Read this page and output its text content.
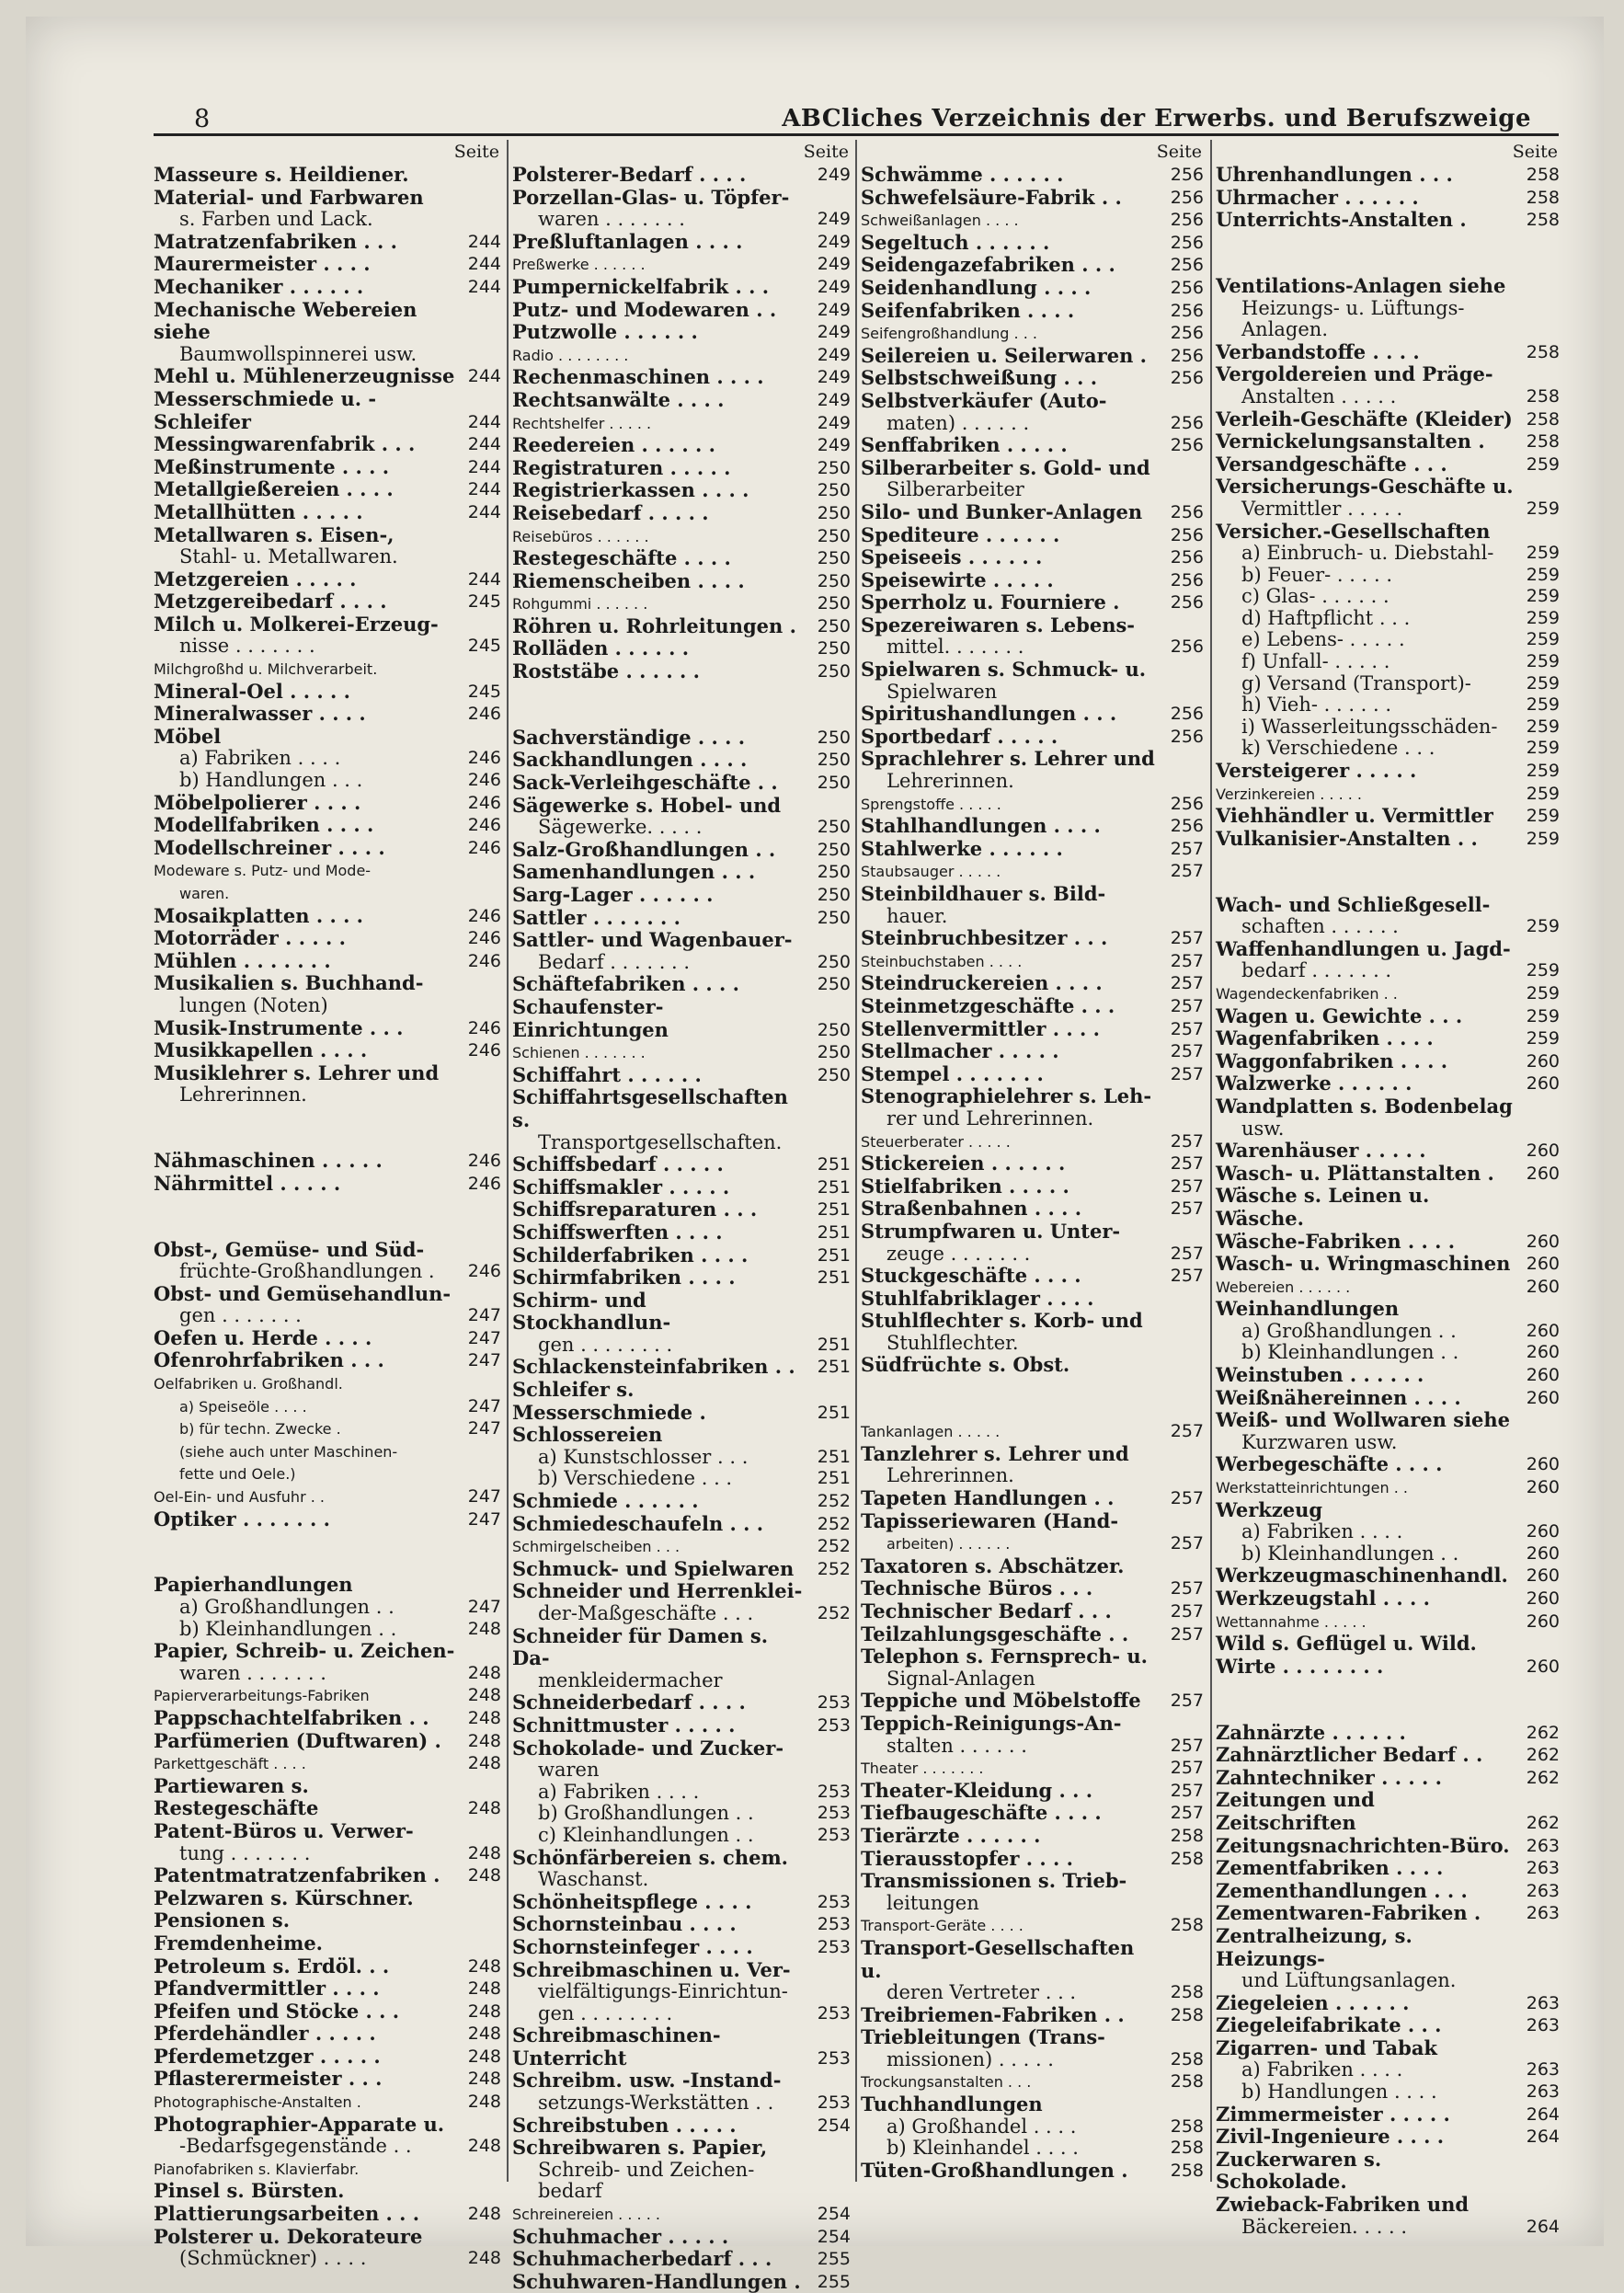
8	ABCliches Verzeichnis der Erwerbs. und Berufszweige
Seite
Masseure s. Heildiener.
Material- und Farbwaren
s. Farben und Lack.
Matratzenfabriken . . .	244
Maurermeister . . . .	244
Mechaniker . . . . . .	244
Mechanische Webereien siehe
Baumwollspinnerei usw.
Mehl u. Mühlenerzeugnisse 244
Messerschmiede u. -Schleifer	244
Messingwarenfabrik . . .	244
Meßinstrumente . . . .	244
Metallgießereien . . . .	244
Metallhütten . . . . .	244
Metallwaren s. Eisen-,
Stahl- u. Metallwaren.
Metzgereien . . . . .	244
Metzgereibedarf . . . .	245
Milch u. Molkerei-Erzeug-
nisse . . . . . . .	245
Milchgroßhd u. Milchverarbeit.
Mineral-Oel . . . . .	245
Mineralwasser . . . .	246
Möbel
a) Fabriken . . . .	246
b) Handlungen . . .	246
Möbelpolierer . . . .	246
Modellfabriken . . . .	246
Modellschreiner . . . .	246
Modeware s. Putz- und Mode-
waren.
Mosaikplatten . . . .	246
Motorräder . . . . .	246
Mühlen . . . . . . .	246
Musikalien s. Buchhand-
lungen (Noten)
Musik-Instrumente . . .	246
Musikkapellen . . . .	246
Musiklehrer s. Lehrer und
Lehrerinnen.
Nähmaschinen . . . . .	246
Nährmittel . . . . .	246
Obst-, Gemüse- und Süd-
früchte-Großhandlungen .	246
Obst- und Gemüsehandlun-
gen . . . . . . .	247
Oefen u. Herde . . . .	247
Ofenrohrfabriken . . .	247
Oelfabriken u. Großhandl.
a) Speiseöle . . . .	247
b) für techn. Zwecke .	247
(siehe auch unter Maschinen-
fette und Oele.)
Oel-Ein- und Ausfuhr . .	247
Optiker . . . . . . .	247
Papierhandlungen
a) Großhandlungen . .	247
b) Kleinhandlungen . .	248
Papier, Schreib- u. Zeichen-
waren . . . . . . .	248
Papierverarbeitungs-Fabriken	248
Pappschachtelfabriken . .	248
Parfümerien (Duftwaren) .	248
Parkettgeschäft . . . .	248
Partiewaren s. Restegeschäfte	248
Patent-Büros u. Verwer-
tung . . . . . . .	248
Patentmatratzenfabriken .	248
Pelzwaren s. Kürschner.
Pensionen s. Fremdenheime.
Petroleum s. Erdöl. . .	248
Pfandvermittler . . . .	248
Pfeifen und Stöcke . . .	248
Pferdehändler . . . . .	248
Pferdemetzger . . . . .	248
Pflasterermeister . . .	248
Photographische-Anstalten .	248
Photographier-Apparate u.
-Bedarfsgegenstände . .	248
Pianofabriken s. Klavierfabr.
Pinsel s. Bürsten.
Plattierungsarbeiten . . .	248
Polsterer u. Dekorateure
(Schmückner) . . . .	248
Seite
Polsterer-Bedarf . . . .	249
Porzellan-Glas- u. Töpfer-
waren . . . . . . .	249
Preßluftanlagen . . . .	249
Preßwerke . . . . . .	249
Pumpernickelfabrik . . .	249
Putz- und Modewaren . .	249
Putzwolle . . . . . .	249
Radio . . . . . . . .	249
Rechenmaschinen . . . .	249
Rechtsanwälte . . . .	249
Rechtshelfer . . . . .	249
Reedereien . . . . . .	249
Registraturen . . . . .	250
Registrierkassen . . . .	250
Reisebedarf . . . . .	250
Reisebüros . . . . . .	250
Restegeschäfte . . . .	250
Riemenscheiben . . . .	250
Rohgummi . . . . . .	250
Röhren u. Rohrleitungen .	250
Rolläden . . . . . .	250
Roststäbe . . . . . .	250
Sachverständige . . . .	250
Sackhandlungen . . . .	250
Sack-Verleihgeschäfte . .	250
Sägewerke s. Hobel- und
Sägewerke. . . . .	250
Salz-Großhandlungen . .	250
Samenhandlungen . . .	250
Sarg-Lager . . . . . .	250
Sattler . . . . . . .	250
Sattler- und Wagenbauer-
Bedarf . . . . . . .	250
Schäftefabriken . . . .	250
Schaufenster-Einrichtungen	250
Schienen . . . . . . .	250
Schiffahrt . . . . . .	250
Schiffahrtsgesellschaften s.
Transportgesellschaften.
Schiffsbedarf . . . . .	251
Schiffsmakler . . . . .	251
Schiffsreparaturen . . .	251
Schiffswerften . . . .	251
Schilderfabriken . . . .	251
Schirmfabriken . . . .	251
Schirm- und Stockhandlun-
gen . . . . . . . .	251
Schlackensteinfabriken . .	251
Schleifer s. Messerschmiede .	251
Schlossereien
a) Kunstschlosser . . .	251
b) Verschiedene . . .	251
Schmiede . . . . . .	252
Schmiedeschaufeln . . .	252
Schmirgelscheiben . . .	252
Schmuck- und Spielwaren	252
Schneider und Herrenklei-
der-Maßgeschäfte . . .	252
Schneider für Damen s. Da-
menkleidermacher
Schneiderbedarf . . . .	253
Schnittmuster . . . . .	253
Schokolade- und Zucker-
waren
a) Fabriken . . . .	253
b) Großhandlungen . .	253
c) Kleinhandlungen . .	253
Schönfärbereien s. chem.
Waschanst.
Schönheitspflege . . . .	253
Schornsteinbau . . . .	253
Schornsteinfeger . . . .	253
Schreibmaschinen u. Ver-
vielfältigungs-Einrichtun-
gen . . . . . . . .	253
Schreibmaschinen-Unterricht	253
Schreibm. usw. -Instand-
setzungs-Werkstätten . .	253
Schreibstuben . . . . .	254
Schreibwaren s. Papier,
Schreib- und Zeichen-
bedarf
Schreinereien . . . . .	254
Schuhmacher . . . . .	254
Schuhmacherbedarf . . .	255
Schuhwaren-Handlungen . 255
Seite
Schwämme . . . . . .	256
Schwefelsäure-Fabrik . .	256
Schweißanlagen . . . .	256
Segeltuch . . . . . .	256
Seidengazefabriken . . .	256
Seidenhandlung . . . .	256
Seifenfabriken . . . .	256
Seifengroßhandlung . . .	256
Seilereien u. Seilerwaren .	256
Selbstschweißung . . .	256
Selbstverkäufer (Auto-
maten) . . . . . .	256
Senffabriken . . . . .	256
Silberarbeiter s. Gold- und
Silberarbeiter
Silo- und Bunker-Anlagen	256
Spediteure . . . . . .	256
Speiseeis . . . . . .	256
Speisewirte . . . . .	256
Sperrholz u. Fourniere .	256
Spezereiwaren s. Lebens-
mittel. . . . . . .	256
Spielwaren s. Schmuck- u.
Spielwaren
Spiritushandlungen . . .	256
Sportbedarf . . . . .	256
Sprachlehrer s. Lehrer und
Lehrerinnen.
Sprengstoffe . . . . .	256
Stahlhandlungen . . . .	256
Stahlwerke . . . . . .	257
Staubsauger . . . . .	257
Steinbildhauer s. Bild-
hauer.
Steinbruchbesitzer . . .	257
Steinbuchstaben . . . .	257
Steindruckereien . . . .	257
Steinmetzgeschäfte . . .	257
Stellenvermittler . . . .	257
Stellmacher . . . . .	257
Stempel . . . . . . .	257
Stenographielehrer s. Leh-
rer und Lehrerinnen.
Steuerberater . . . . .	257
Stickereien . . . . . .	257
Stielfabriken . . . . .	257
Straßenbahnen . . . .	257
Strumpfwaren u. Unter-
zeuge . . . . . . .	257
Stuckgeschäfte . . . .	257
Stuhlfabriklager . . . .
Stuhlflechter s. Korb- und
Stuhlflechter.
Südfrüchte s. Obst.
Tankanlagen . . . . .	257
Tanzlehrer s. Lehrer und
Lehrerinnen.
Tapeten Handlungen . .	257
Tapisseriewaren (Hand-
arbeiten) . . . . . .	257
Taxatoren s. Abschätzer.
Technische Büros . . .	257
Technischer Bedarf . . .	257
Teilzahlungsgeschäfte . .	257
Telephon s. Fernsprech- u.
Signal-Anlagen
Teppiche und Möbelstoffe	257
Teppich-Reinigungs-An-
stalten . . . . . .	257
Theater . . . . . . .	257
Theater-Kleidung . . .	257
Tiefbaugeschäfte . . . .	257
Tierärzte . . . . . .	258
Tierausstopfer . . . .	258
Transmissionen s. Trieb-
leitungen
Transport-Geräte . . . .	258
Transport-Gesellschaften u.
deren Vertreter . . .	258
Treibriemen-Fabriken . .	258
Triebleitungen (Trans-
missionen) . . . . .	258
Trockungsanstalten . . .	258
Tuchhandlungen
a) Großhandel . . . .	258
b) Kleinhandel . . . .	258
Tüten-Großhandlungen .	258
Seite
Uhrenhandlungen . . .	258
Uhrmacher . . . . . .	258
Unterrichts-Anstalten .	258
Ventilations-Anlagen siehe
Heizungs- u. Lüftungs-
Anlagen.
Verbandstoffe . . . .	258
Vergoldereien und Präge-
Anstalten . . . . .	258
Verleih-Geschäfte (Kleider) 258
Vernickelungsanstalten .	258
Versandgeschäfte . . .	259
Versicherungs-Geschäfte u.
Vermittler . . . . .	259
Versicher.-Gesellschaften
a) Einbruch- u. Diebstahl-	259
b) Feuer- . . . . .	259
c) Glas- . . . . . .	259
d) Haftpflicht . . .	259
e) Lebens- . . . . .	259
f) Unfall- . . . . .	259
g) Versand (Transport)-	259
h) Vieh- . . . . . .	259
i) Wasserleitungsschäden-	259
k) Verschiedene . . .	259
Versteigerer . . . . .	259
Verzinkereien . . . . .	259
Viehhändler u. Vermittler	259
Vulkanisier-Anstalten . .	259
Wach- und Schließgesell-
schaften . . . . . .	259
Waffenhandlungen u. Jagd-
bedarf . . . . . . .	259
Wagendeckenfabriken . .	259
Wagen u. Gewichte . . .	259
Wagenfabriken . . . .	259
Waggonfabriken . . . .	260
Walzwerke . . . . . .	260
Wandplatten s. Bodenbelag
usw.
Warenhäuser . . . . .	260
Wasch- u. Plättanstalten .	260
Wäsche s. Leinen u. Wäsche.
Wäsche-Fabriken . . . .	260
Wasch- u. Wringmaschinen 260
Webereien . . . . . .	260
Weinhandlungen
a) Großhandlungen . .	260
b) Kleinhandlungen . .	260
Weinstuben . . . . . .	260
Weißnähereinnen . . . .	260
Weiß- und Wollwaren siehe
Kurzwaren usw.
Werbegeschäfte . . . .	260
Werkstatteinrichtungen . .	260
Werkzeug
a) Fabriken . . . .	260
b) Kleinhandlungen . .	260
Werkzeugmaschinenhandl.	260
Werkzeugstahl . . . .	260
Wettannahme . . . . .	260
Wild s. Geflügel u. Wild.
Wirte . . . . . . . .	260
Zahnärzte . . . . . .	262
Zahnärztlicher Bedarf . .	262
Zahntechniker . . . . .	262
Zeitungen und Zeitschriften	262
Zeitungsnachrichten-Büro. 263
Zementfabriken . . . .	263
Zementhandlungen . . .	263
Zementwaren-Fabriken .	263
Zentralheizung, s. Heizungs-
und Lüftungsanlagen.
Ziegeleien . . . . . .	263
Ziegeleifabrikate . . .	263
Zigarren- und Tabak
a) Fabriken . . . .	263
b) Handlungen . . . .	263
Zimmermeister . . . . .	264
Zivil-Ingenieure . . . .	264
Zuckerwaren s. Schokolade.
Zwieback-Fabriken und
Bäckereien. . . . .	264
